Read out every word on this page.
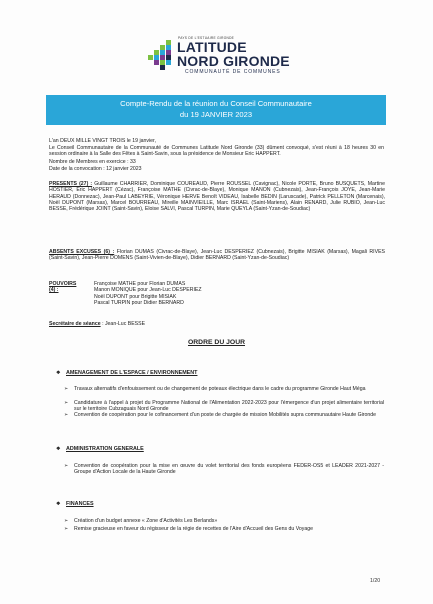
PAYS DE L'ESTUAIRE GIRONDE
LATITUDE
NORD GIRONDE
COMMUNAUTÉ DE COMMUNES
Compte-Rendu de la réunion du Conseil Communautaire
du 19 JANVIER 2023
L'an DEUX MILLE VINGT TROIS le 19 janvier,
Le Conseil Communautaire de la Communauté de Communes Latitude Nord Gironde (33) dûment convoqué, s'est réuni à 18 heures 30 en session ordinaire à la Salle des Fêtes à Saint-Savin, sous la présidence de Monsieur Eric HAPPERT.
Nombre de Membres en exercice : 33
Date de la convocation : 12 janvier 2023
PRESENTS (27) : Guillaume CHARRIER, Dominique COUREAUD, Pierre ROUSSEL (Cavignac), Nicole PORTE, Bruno BUSQUETS, Martine HOSTIER, Eric HAPPERT (Cézac), Françoise MATHE (Civrac-de-Blaye), Monique MANON (Cubnezais), Jean-François JOYE, Jean-Marie HERAUD (Donnezac), Jean-Paul LABEYRIE, Véronique HERVE Benoît VIDEAU, Isabelle BEDIN (Laruscade), Patrick PELLETON (Marcenais), Noël DUPONT (Marsas), Marcel BOURREAU, Mireille MAINVIEILLE, Marc ISRAEL (Saint-Mariens), Alain RENARD, Julie RUBIO, Jean-Luc BESSE, Frédérique JOINT (Saint-Savin), Eloise SALVI, Pascal TURPIN, Marie QUEYLA (Saint-Yzan-de-Soudiac)
ABSENTS EXCUSES (6) : Florian DUMAS (Civrac-de-Blaye), Jean-Luc DESPERIEZ (Cubnezais), Brigitte MISIAK (Marsas), Magali RIVES (Saint-Savin), Jean-Pierre DOMENS (Saint-Vivien-de-Blaye), Didier BERNARD (Saint-Yzan-de-Soudiac)
POUVOIRS (4) :
Françoise MATHE pour Florian DUMAS
Manon MONIQUE pour Jean-Luc DESPERIEZ
Noël DUPONT pour Brigitte MISIAK
Pascal TURPIN pour Didier BERNARD
Secrétaire de séance : Jean-Luc BESSE
ORDRE DU JOUR
❖ AMENAGEMENT DE L'ESPACE / ENVIRONNEMENT
➢ Travaux alternatifs d'enfouissement ou de changement de poteaux électrique dans le cadre du programme Gironde Haut Méga
➢ Candidature à l'appel à projet du Programme National de l'Alimentation 2022-2023 pour l'émergence d'un projet alimentaire territorial sur le territoire Cubzaguais Nord Gironde
➢ Convention de coopération pour le cofinancement d'un poste de chargée de mission Mobilités supra communautaire Haute Gironde
❖ ADMINISTRATION GENERALE
➢ Convention de coopération pour la mise en œuvre du volet territorial des fonds européens FEDER-OS5 et LEADER 2021-2027 - Groupe d'Action Locale de la Haute Gironde
❖ FINANCES
➢ Création d'un budget annexe « Zone d'Activités Les Berlands»
➢ Remise gracieuse en faveur du régisseur de la régie de recettes de l'Aire d'Accueil des Gens du Voyage
1/20
